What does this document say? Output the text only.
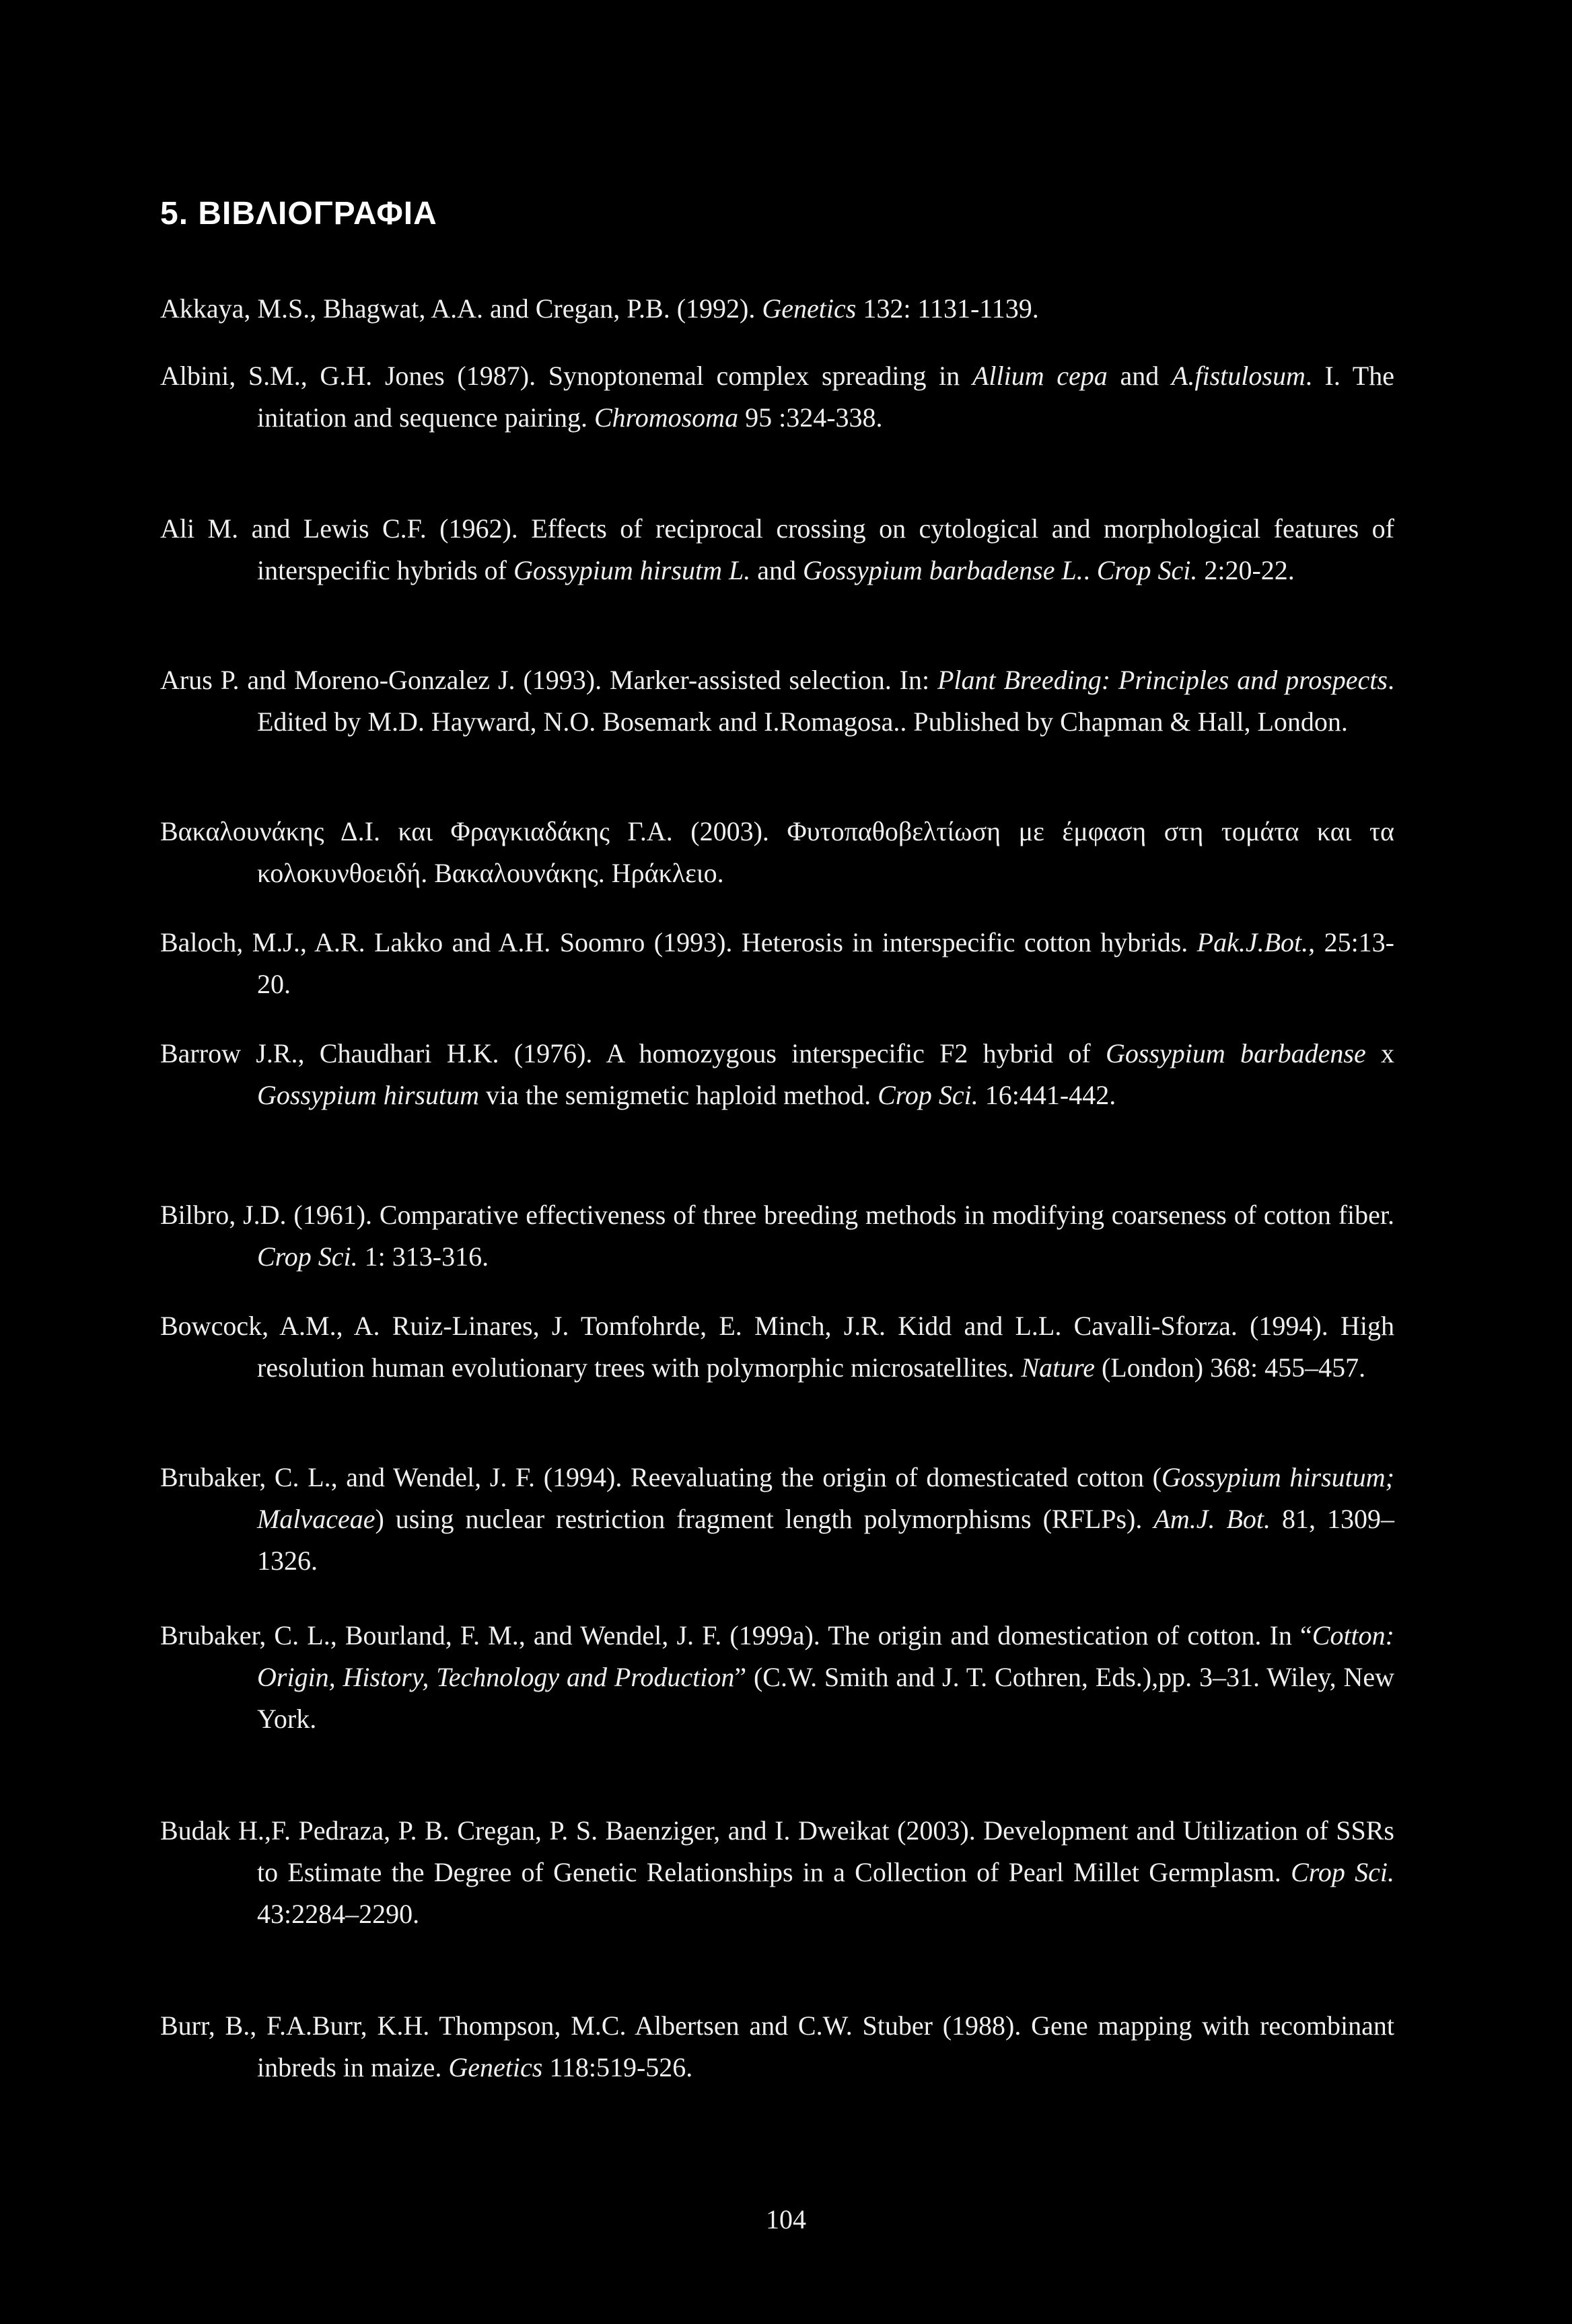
5. ΒΙΒΛΙΟΓΡΑΦΙΑ
Akkaya, M.S., Bhagwat, A.A. and Cregan, P.B. (1992). Genetics 132: 1131-1139.
Albini, S.M., G.H. Jones (1987). Synoptonemal complex spreading in Allium cepa and A.fistulosum. I. The initation and sequence pairing. Chromosoma 95 :324-338.
Ali M. and Lewis C.F. (1962). Effects of reciprocal crossing on cytological and morphological features of interspecific hybrids of Gossypium hirsutm L. and Gossypium barbadense L.. Crop Sci. 2:20-22.
Arus P. and Moreno-Gonzalez J. (1993). Marker-assisted selection. In: Plant Breeding: Principles and prospects. Edited by M.D. Hayward, N.O. Bosemark and I.Romagosa.. Published by Chapman & Hall, London.
Βακαλουνάκης Δ.Ι. και Φραγκιαδάκης Γ.Α. (2003). Φυτοπαθοβελτίωση με έμφαση στη τομάτα και τα κολοκυνθοειδή. Βακαλουνάκης. Ηράκλειο.
Baloch, M.J., A.R. Lakko and A.H. Soomro (1993). Heterosis in interspecific cotton hybrids. Pak.J.Bot., 25:13-20.
Barrow J.R., Chaudhari H.K. (1976). A homozygous interspecific F2 hybrid of Gossypium barbadense x Gossypium hirsutum via the semigmetic haploid method. Crop Sci. 16:441-442.
Bilbro, J.D. (1961). Comparative effectiveness of three breeding methods in modifying coarseness of cotton fiber. Crop Sci. 1: 313-316.
Bowcock, A.M., A. Ruiz-Linares, J. Tomfohrde, E. Minch, J.R. Kidd and L.L. Cavalli-Sforza. (1994). High resolution human evolutionary trees with polymorphic microsatellites. Nature (London) 368: 455–457.
Brubaker, C. L., and Wendel, J. F. (1994). Reevaluating the origin of domesticated cotton (Gossypium hirsutum; Malvaceae) using nuclear restriction fragment length polymorphisms (RFLPs). Am.J. Bot. 81, 1309–1326.
Brubaker, C. L., Bourland, F. M., and Wendel, J. F. (1999a). The origin and domestication of cotton. In “Cotton: Origin, History, Technology and Production” (C.W. Smith and J. T. Cothren, Eds.),pp. 3–31. Wiley, New York.
Budak H.,F. Pedraza, P. B. Cregan, P. S. Baenziger, and I. Dweikat (2003). Development and Utilization of SSRs to Estimate the Degree of Genetic Relationships in a Collection of Pearl Millet Germplasm. Crop Sci. 43:2284–2290.
Burr, B., F.A.Burr, K.H. Thompson, M.C. Albertsen and C.W. Stuber (1988). Gene mapping with recombinant inbreds in maize. Genetics 118:519-526.
104
